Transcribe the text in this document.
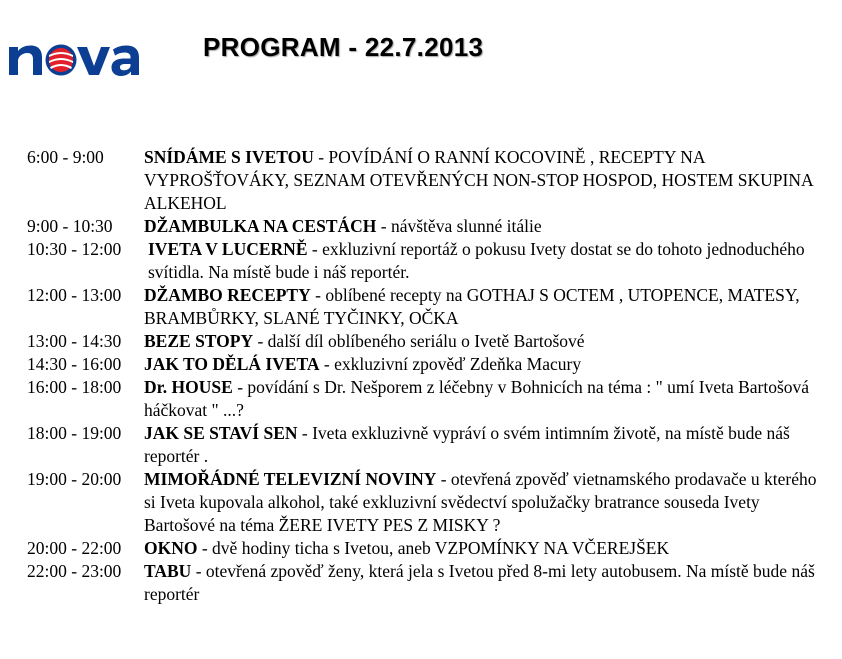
PROGRAM - 22.7.2013
6:00 - 9:00	SNÍDÁME S IVETOU - POVÍDÁNÍ O RANNÍ KOCOVINĚ , RECEPTY NA VYPROŠŤOVÁKY, SEZNAM OTEVŘENÝCH NON-STOP HOSPOD, HOSTEM SKUPINA ALKEHOL
9:00 - 10:30	DŽAMBULKA NA CESTÁCH - návštěva slunné itálie
10:30 - 12:00	IVETA V LUCERNĚ - exkluzivní reportáž o pokusu Ivety dostat se do tohoto jednoduchého svítidla. Na místě bude i náš reportér.
12:00 - 13:00	DŽAMBO RECEPTY - oblíbené recepty na GOTHAJ S OCTEM , UTOPENCE, MATESY, BRAMBŮRKY, SLANÉ TYČINKY, OČKA
13:00 - 14:30	BEZE STOPY - další díl oblíbeného seriálu o Ivetě Bartošové
14:30 - 16:00	JAK TO DĚLÁ IVETA - exkluzivní zpověď Zdeňka Macury
16:00 - 18:00	Dr. HOUSE - povídání s Dr. Nešporem z léčebny v Bohnicích na téma : " umí Iveta Bartošová háčkovat " ...?
18:00 - 19:00	JAK SE STAVÍ SEN - Iveta exkluzivně vypráví o svém intimním životě, na místě bude náš reportér .
19:00 - 20:00	MIMOŘÁDNÉ TELEVIZNÍ NOVINY - otevřená zpověď vietnamského prodavače u kterého si Iveta kupovala alkohol, také exkluzivní svědectví spolužačky bratrance souseda Ivety Bartošové na téma ŽERE IVETY PES Z MISKY ?
20:00 - 22:00	OKNO - dvě hodiny ticha s Ivetou, aneb VZPOMÍNKY NA VČEREJŠEK
22:00 - 23:00	TABU - otevřená zpověď ženy, která jela s Ivetou před 8-mi lety autobusem. Na místě bude náš reportér
